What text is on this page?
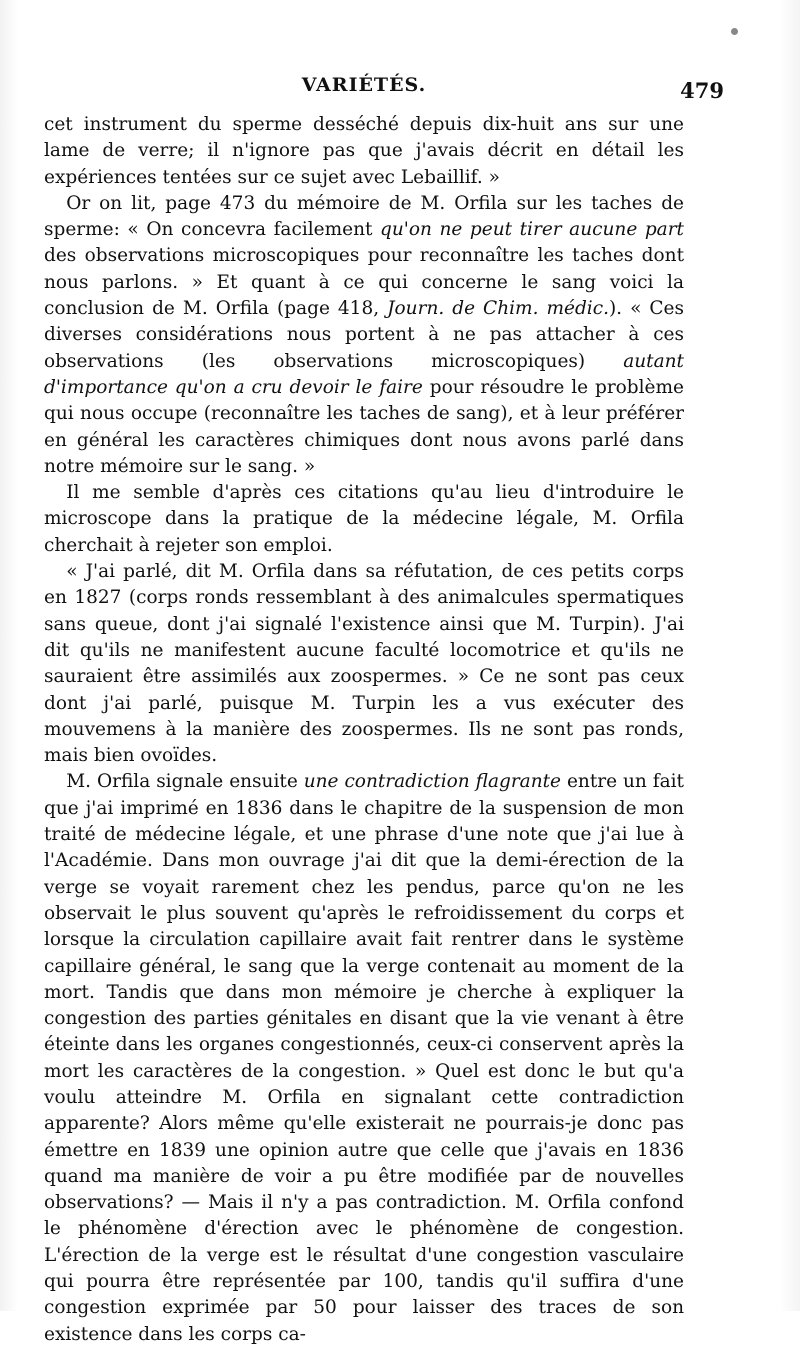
VARIÉTÉS.	479

cet instrument du sperme desséché depuis dix-huit ans sur une lame de verre; il n'ignore pas que j'avais décrit en détail les expériences tentées sur ce sujet avec Lebaillif. »

Or on lit, page 473 du mémoire de M. Orfila sur les taches de sperme: « On concevra facilement qu'on ne peut tirer aucune part des observations microscopiques pour reconnaître les taches dont nous parlons. » Et quant à ce qui concerne le sang voici la conclusion de M. Orfila (page 418, Journ. de Chim. médic.). « Ces diverses considérations nous portent à ne pas attacher à ces observations (les observations microscopiques) autant d'importance qu'on a cru devoir le faire pour résoudre le problème qui nous occupe (reconnaître les taches de sang), et à leur préférer en général les caractères chimiques dont nous avons parlé dans notre mémoire sur le sang. »

Il me semble d'après ces citations qu'au lieu d'introduire le microscope dans la pratique de la médecine légale, M. Orfila cherchait à rejeter son emploi.

« J'ai parlé, dit M. Orfila dans sa réfutation, de ces petits corps en 1827 (corps ronds ressemblant à des animalcules spermatiques sans queue, dont j'ai signalé l'existence ainsi que M. Turpin). J'ai dit qu'ils ne manifestent aucune faculté locomotrice et qu'ils ne sauraient être assimilés aux zoospermes. » Ce ne sont pas ceux dont j'ai parlé, puisque M. Turpin les a vus exécuter des mouvemens à la manière des zoospermes. Ils ne sont pas ronds, mais bien ovoïdes.

M. Orfila signale ensuite une contradiction flagrante entre un fait que j'ai imprimé en 1836 dans le chapitre de la suspension de mon traité de médecine légale, et une phrase d'une note que j'ai lue à l'Académie. Dans mon ouvrage j'ai dit que la demi-érection de la verge se voyait rarement chez les pendus, parce qu'on ne les observait le plus souvent qu'après le refroidissement du corps et lorsque la circulation capillaire avait fait rentrer dans le système capillaire général, le sang que la verge contenait au moment de la mort. Tandis que dans mon mémoire je cherche à expliquer la congestion des parties génitales en disant que la vie venant à être éteinte dans les organes congestionnés, ceux-ci conservent après la mort les caractères de la congestion. » Quel est donc le but qu'a voulu atteindre M. Orfila en signalant cette contradiction apparente? Alors même qu'elle existerait ne pourrais-je donc pas émettre en 1839 une opinion autre que celle que j'avais en 1836 quand ma manière de voir a pu être modifiée par de nouvelles observations? — Mais il n'y a pas contradiction. M. Orfila confond le phénomène d'érection avec le phénomène de congestion. L'érection de la verge est le résultat d'une congestion vasculaire qui pourra être représentée par 100, tandis qu'il suffira d'une congestion exprimée par 50 pour laisser des traces de son existence dans les corps ca-
